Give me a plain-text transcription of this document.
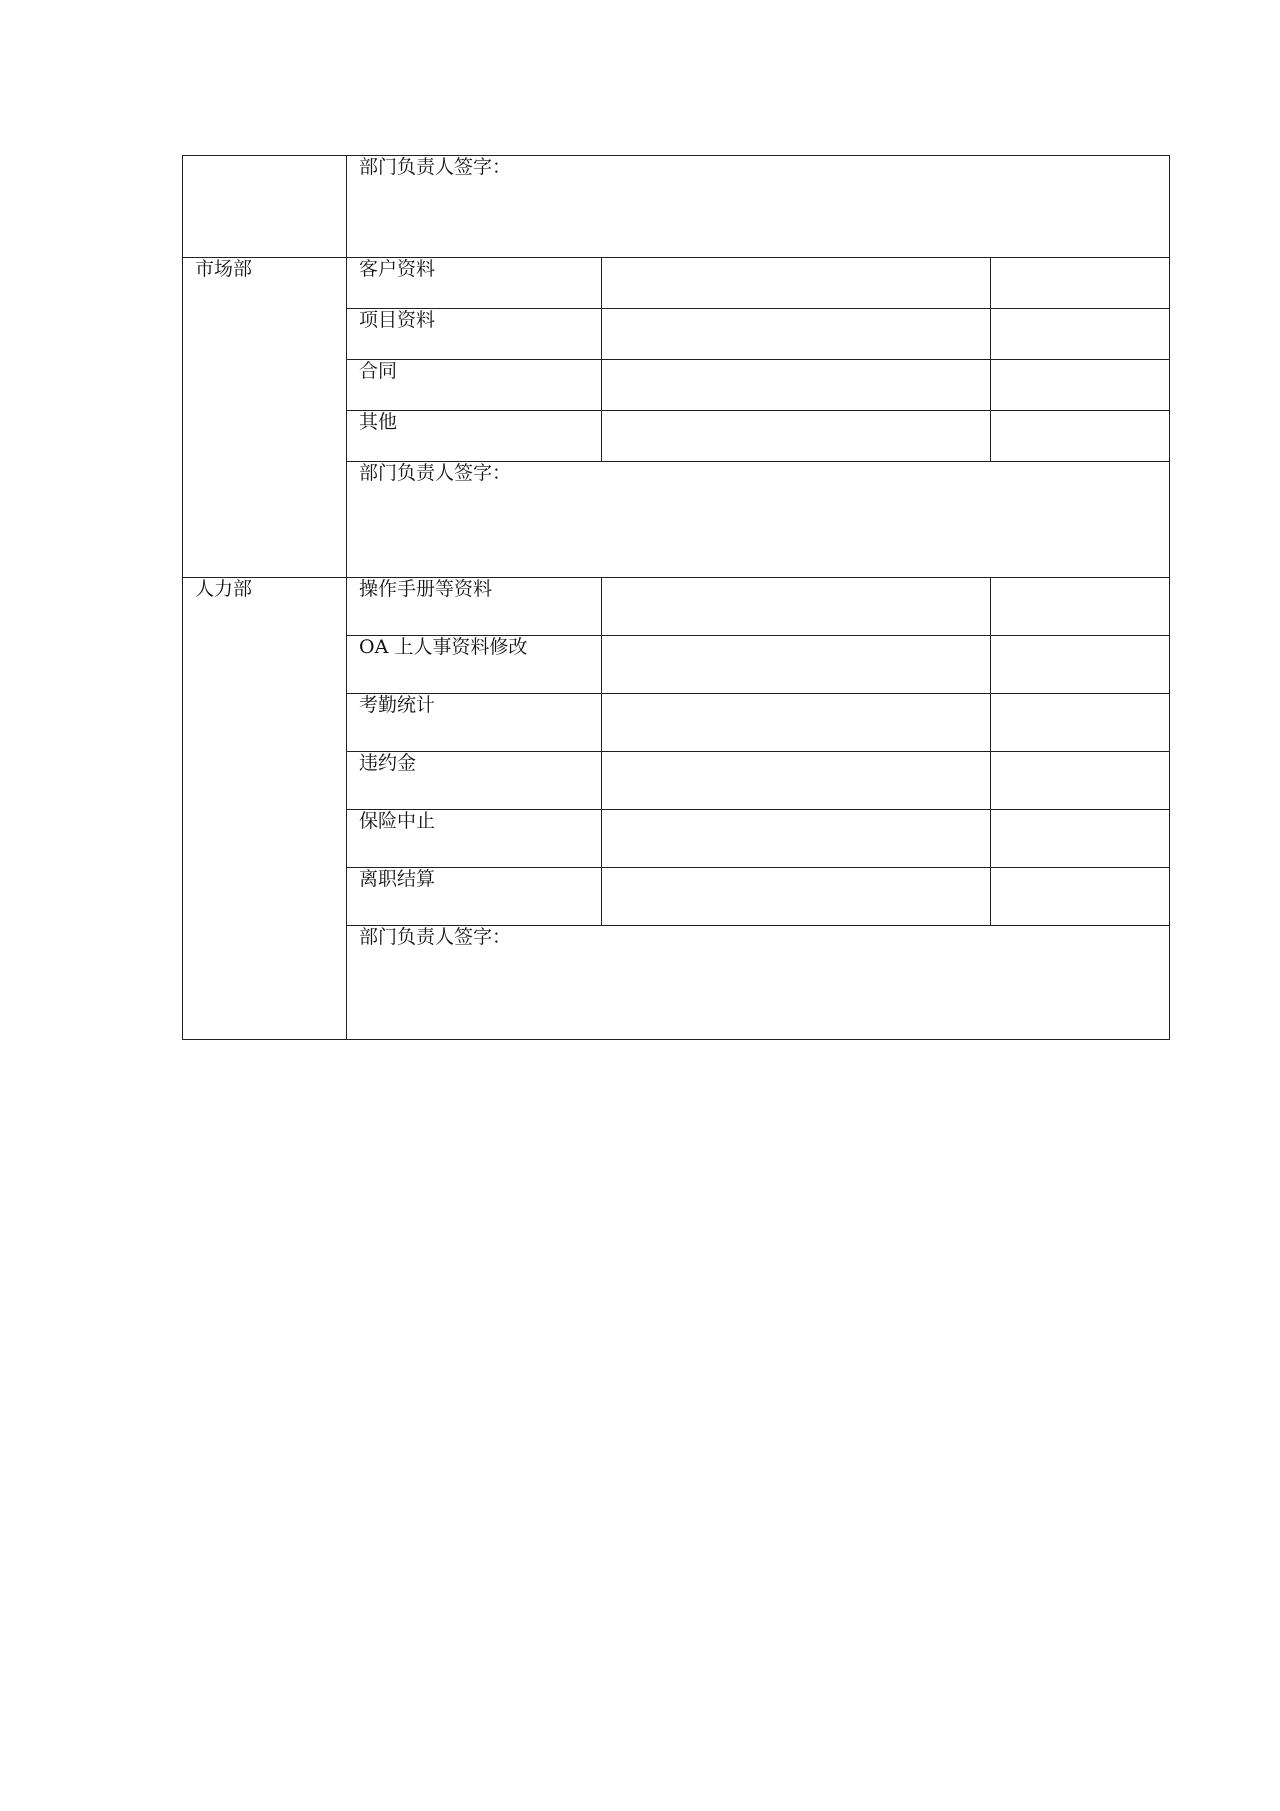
	部门负责人签字：		
市场部	客户资料		
	项目资料		
	合同		
	其他		
	部门负责人签字：		
人力部	操作手册等资料		
	OA 上人事资料修改		
	考勤统计		
	违约金		
	保险中止		
	离职结算		
	部门负责人签字：		
